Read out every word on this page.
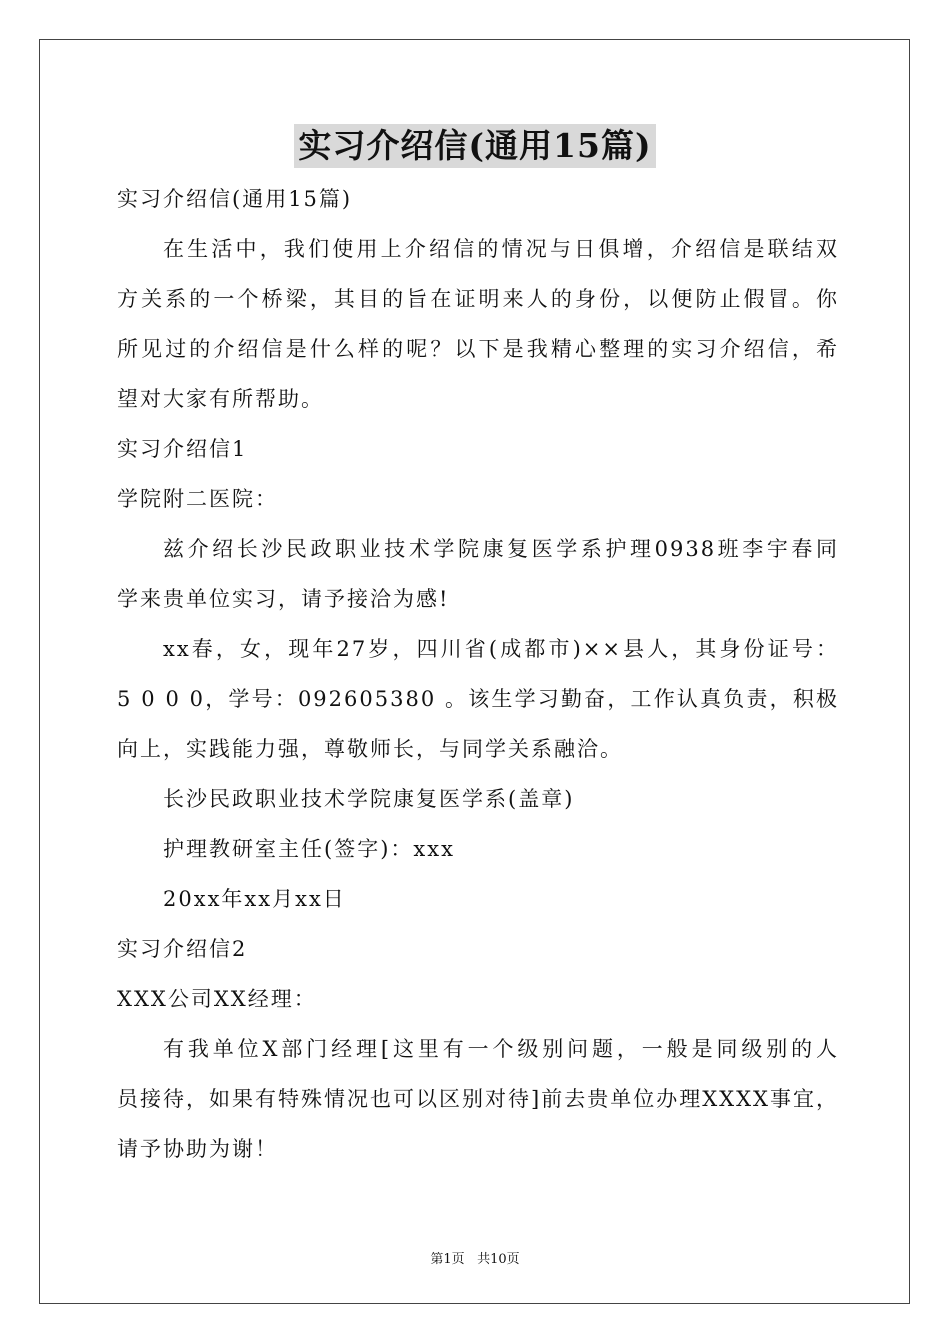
实习介绍信(通用15篇)
实习介绍信(通用15篇)
在生活中，我们使用上介绍信的情况与日俱增，介绍信是联结双
方关系的一个桥梁，其目的旨在证明来人的身份，以便防止假冒。你
所见过的介绍信是什么样的呢？以下是我精心整理的实习介绍信，希
望对大家有所帮助。
实习介绍信1
学院附二医院：
兹介绍长沙民政职业技术学院康复医学系护理0938班李宇春同
学来贵单位实习，请予接洽为感!
xx春，女，现年27岁，四川省(成都市)××县人，其身份证号：
5 0 0 0，学号：092605380 。该生学习勤奋，工作认真负责，积极
向上，实践能力强，尊敬师长，与同学关系融洽。
长沙民政职业技术学院康复医学系(盖章)
护理教研室主任(签字)：xxx
20xx年xx月xx日
实习介绍信2
XXX公司XX经理：
有我单位X部门经理[这里有一个级别问题，一般是同级别的人
员接待，如果有特殊情况也可以区别对待]前去贵单位办理XXXX事宜，
请予协助为谢！
第1页 共10页
